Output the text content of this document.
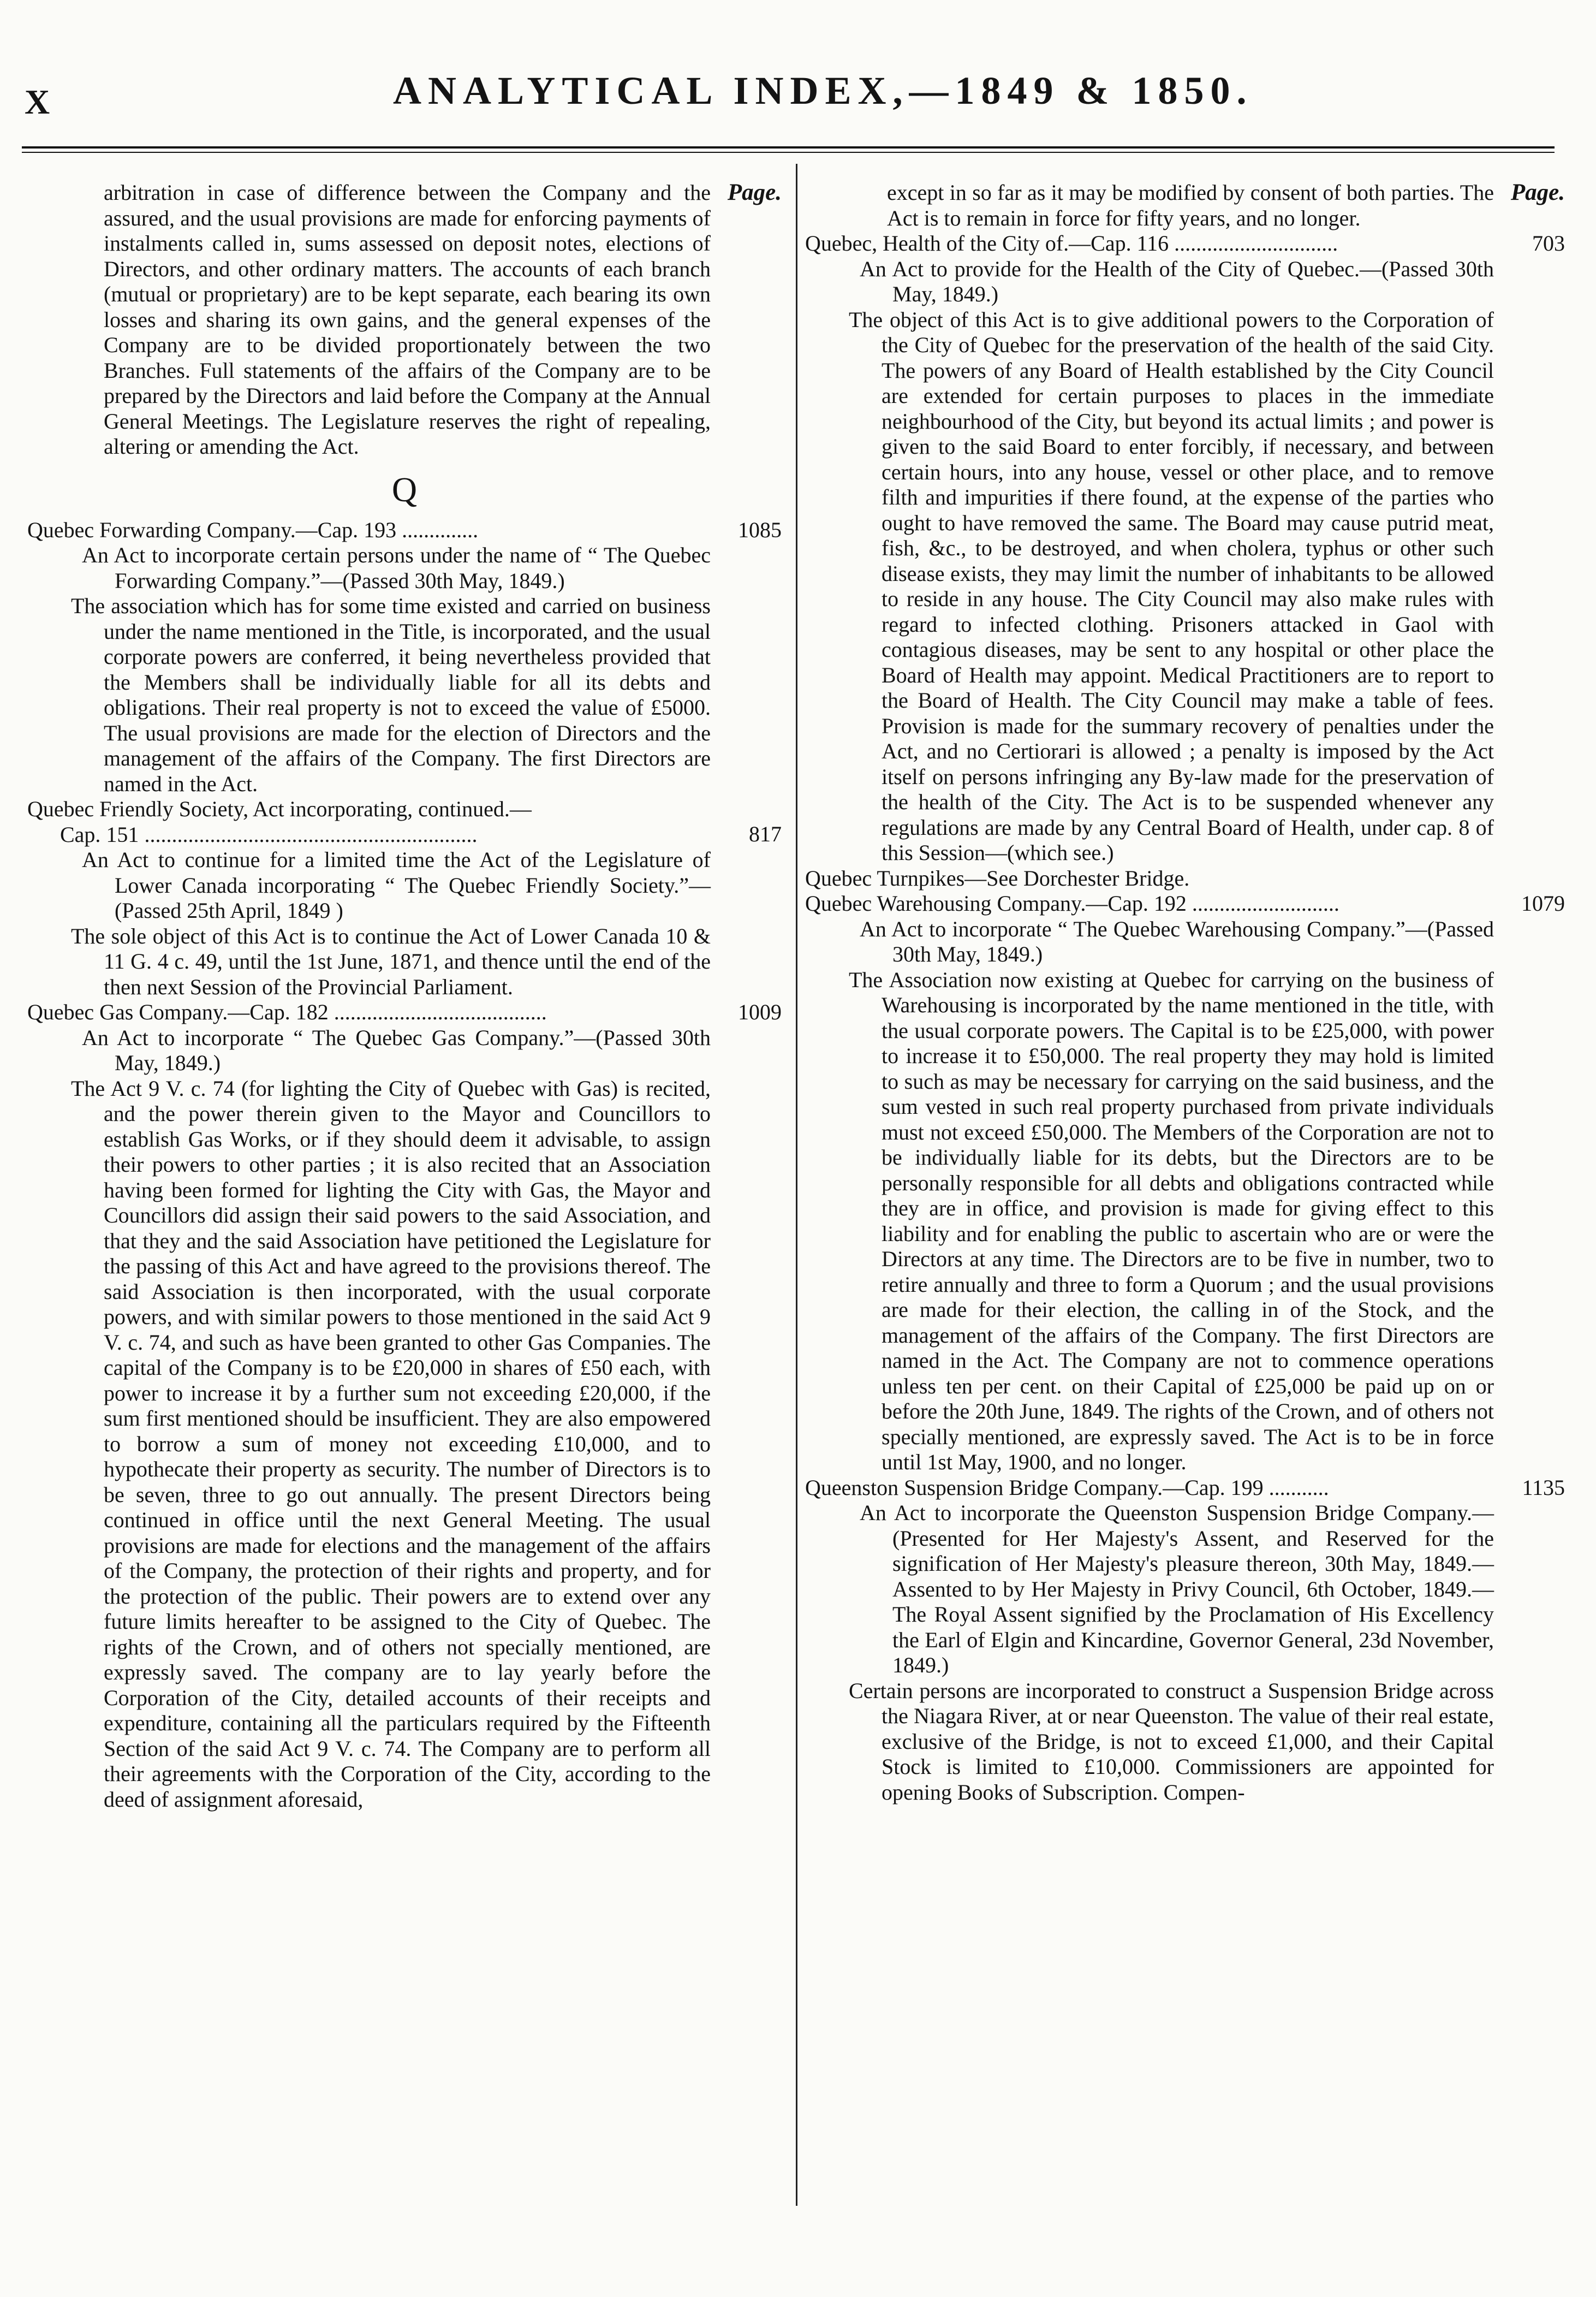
X	ANALYTICAL INDEX,—1849 & 1850.
Page.

arbitration in case of difference between the Company and the assured, and the usual provisions are made for enforcing payments of instalments called in, sums assessed on deposit notes, elections of Directors, and other ordinary matters. The accounts of each branch (mutual or proprietary) are to be kept separate, each bearing its own losses and sharing its own gains, and the general expenses of the Company are to be divided proportionately between the two Branches. Full statements of the affairs of the Company are to be prepared by the Directors and laid before the Company at the Annual General Meetings. The Legislature reserves the right of repealing, altering or amending the Act.

Q
Quebec Forwarding Company.—Cap. 193 ..............	1085

An Act to incorporate certain persons under the name of “ The Quebec Forwarding Company.”—(Passed 30th May, 1849.)

The association which has for some time existed and carried on business under the name mentioned in the Title, is incorporated, and the usual corporate powers are conferred, it being nevertheless provided that the Members shall be individually liable for all its debts and obligations. Their real property is not to exceed the value of £5000. The usual provisions are made for the election of Directors and the management of the affairs of the Company. The first Directors are named in the Act.

Quebec Friendly Society, Act incorporating, continued.—
Cap. 151 .............................................................	817

An Act to continue for a limited time the Act of the Legislature of Lower Canada incorporating “ The Quebec Friendly Society.”—(Passed 25th April, 1849 )

The sole object of this Act is to continue the Act of Lower Canada 10 & 11 G. 4 c. 49, until the 1st June, 1871, and thence until the end of the then next Session of the Provincial Parliament.

Quebec Gas Company.—Cap. 182 .......................................	1009

An Act to incorporate “ The Quebec Gas Company.”—(Passed 30th May, 1849.)

The Act 9 V. c. 74 (for lighting the City of Quebec with Gas) is recited, and the power therein given to the Mayor and Councillors to establish Gas Works, or if they should deem it advisable, to assign their powers to other parties ; it is also recited that an Association having been formed for lighting the City with Gas, the Mayor and Councillors did assign their said powers to the said Association, and that they and the said Association have petitioned the Legislature for the passing of this Act and have agreed to the provisions thereof. The said Association is then incorporated, with the usual corporate powers, and with similar powers to those mentioned in the said Act 9 V. c. 74, and such as have been granted to other Gas Companies. The capital of the Company is to be £20,000 in shares of £50 each, with power to increase it by a further sum not exceeding £20,000, if the sum first mentioned should be insufficient. They are also empowered to borrow a sum of money not exceeding £10,000, and to hypothecate their property as security. The number of Directors is to be seven, three to go out annually. The present Directors being continued in office until the next General Meeting. The usual provisions are made for elections and the management of the affairs of the Company, the protection of their rights and property, and for the protection of the public. Their powers are to extend over any future limits hereafter to be assigned to the City of Quebec. The rights of the Crown, and of others not specially mentioned, are expressly saved. The company are to lay yearly before the Corporation of the City, detailed accounts of their receipts and expenditure, containing all the particulars required by the Fifteenth Section of the said Act 9 V. c. 74. The Company are to perform all their agreements with the Corporation of the City, according to the deed of assignment aforesaid,

Page.

except in so far as it may be modified by consent of both parties. The Act is to remain in force for fifty years, and no longer.

Quebec, Health of the City of.—Cap. 116 ..............................	703

An Act to provide for the Health of the City of Quebec.—(Passed 30th May, 1849.)

The object of this Act is to give additional powers to the Corporation of the City of Quebec for the preservation of the health of the said City. The powers of any Board of Health established by the City Council are extended for certain purposes to places in the immediate neighbourhood of the City, but beyond its actual limits ; and power is given to the said Board to enter forcibly, if necessary, and between certain hours, into any house, vessel or other place, and to remove filth and impurities if there found, at the expense of the parties who ought to have removed the same. The Board may cause putrid meat, fish, &c., to be destroyed, and when cholera, typhus or other such disease exists, they may limit the number of inhabitants to be allowed to reside in any house. The City Council may also make rules with regard to infected clothing. Prisoners attacked in Gaol with contagious diseases, may be sent to any hospital or other place the Board of Health may appoint. Medical Practitioners are to report to the Board of Health. The City Council may make a table of fees. Provision is made for the summary recovery of penalties under the Act, and no Certiorari is allowed ; a penalty is imposed by the Act itself on persons infringing any By-law made for the preservation of the health of the City. The Act is to be suspended whenever any regulations are made by any Central Board of Health, under cap. 8 of this Session—(which see.)

Quebec Turnpikes—See Dorchester Bridge.
Quebec Warehousing Company.—Cap. 192 ...........................	1079

An Act to incorporate “ The Quebec Warehousing Company.”—(Passed 30th May, 1849.)

The Association now existing at Quebec for carrying on the business of Warehousing is incorporated by the name mentioned in the title, with the usual corporate powers. The Capital is to be £25,000, with power to increase it to £50,000. The real property they may hold is limited to such as may be necessary for carrying on the said business, and the sum vested in such real property purchased from private individuals must not exceed £50,000. The Members of the Corporation are not to be individually liable for its debts, but the Directors are to be personally responsible for all debts and obligations contracted while they are in office, and provision is made for giving effect to this liability and for enabling the public to ascertain who are or were the Directors at any time. The Directors are to be five in number, two to retire annually and three to form a Quorum ; and the usual provisions are made for their election, the calling in of the Stock, and the management of the affairs of the Company. The first Directors are named in the Act. The Company are not to commence operations unless ten per cent. on their Capital of £25,000 be paid up on or before the 20th June, 1849. The rights of the Crown, and of others not specially mentioned, are expressly saved. The Act is to be in force until 1st May, 1900, and no longer.

Queenston Suspension Bridge Company.—Cap. 199 ...........	1135

An Act to incorporate the Queenston Suspension Bridge Company.—(Presented for Her Majesty's Assent, and Reserved for the signification of Her Majesty's pleasure thereon, 30th May, 1849.—Assented to by Her Majesty in Privy Council, 6th October, 1849.—The Royal Assent signified by the Proclamation of His Excellency the Earl of Elgin and Kincardine, Governor General, 23d November, 1849.)

Certain persons are incorporated to construct a Suspension Bridge across the Niagara River, at or near Queenston. The value of their real estate, exclusive of the Bridge, is not to exceed £1,000, and their Capital Stock is limited to £10,000. Commissioners are appointed for opening Books of Subscription. Compen-
